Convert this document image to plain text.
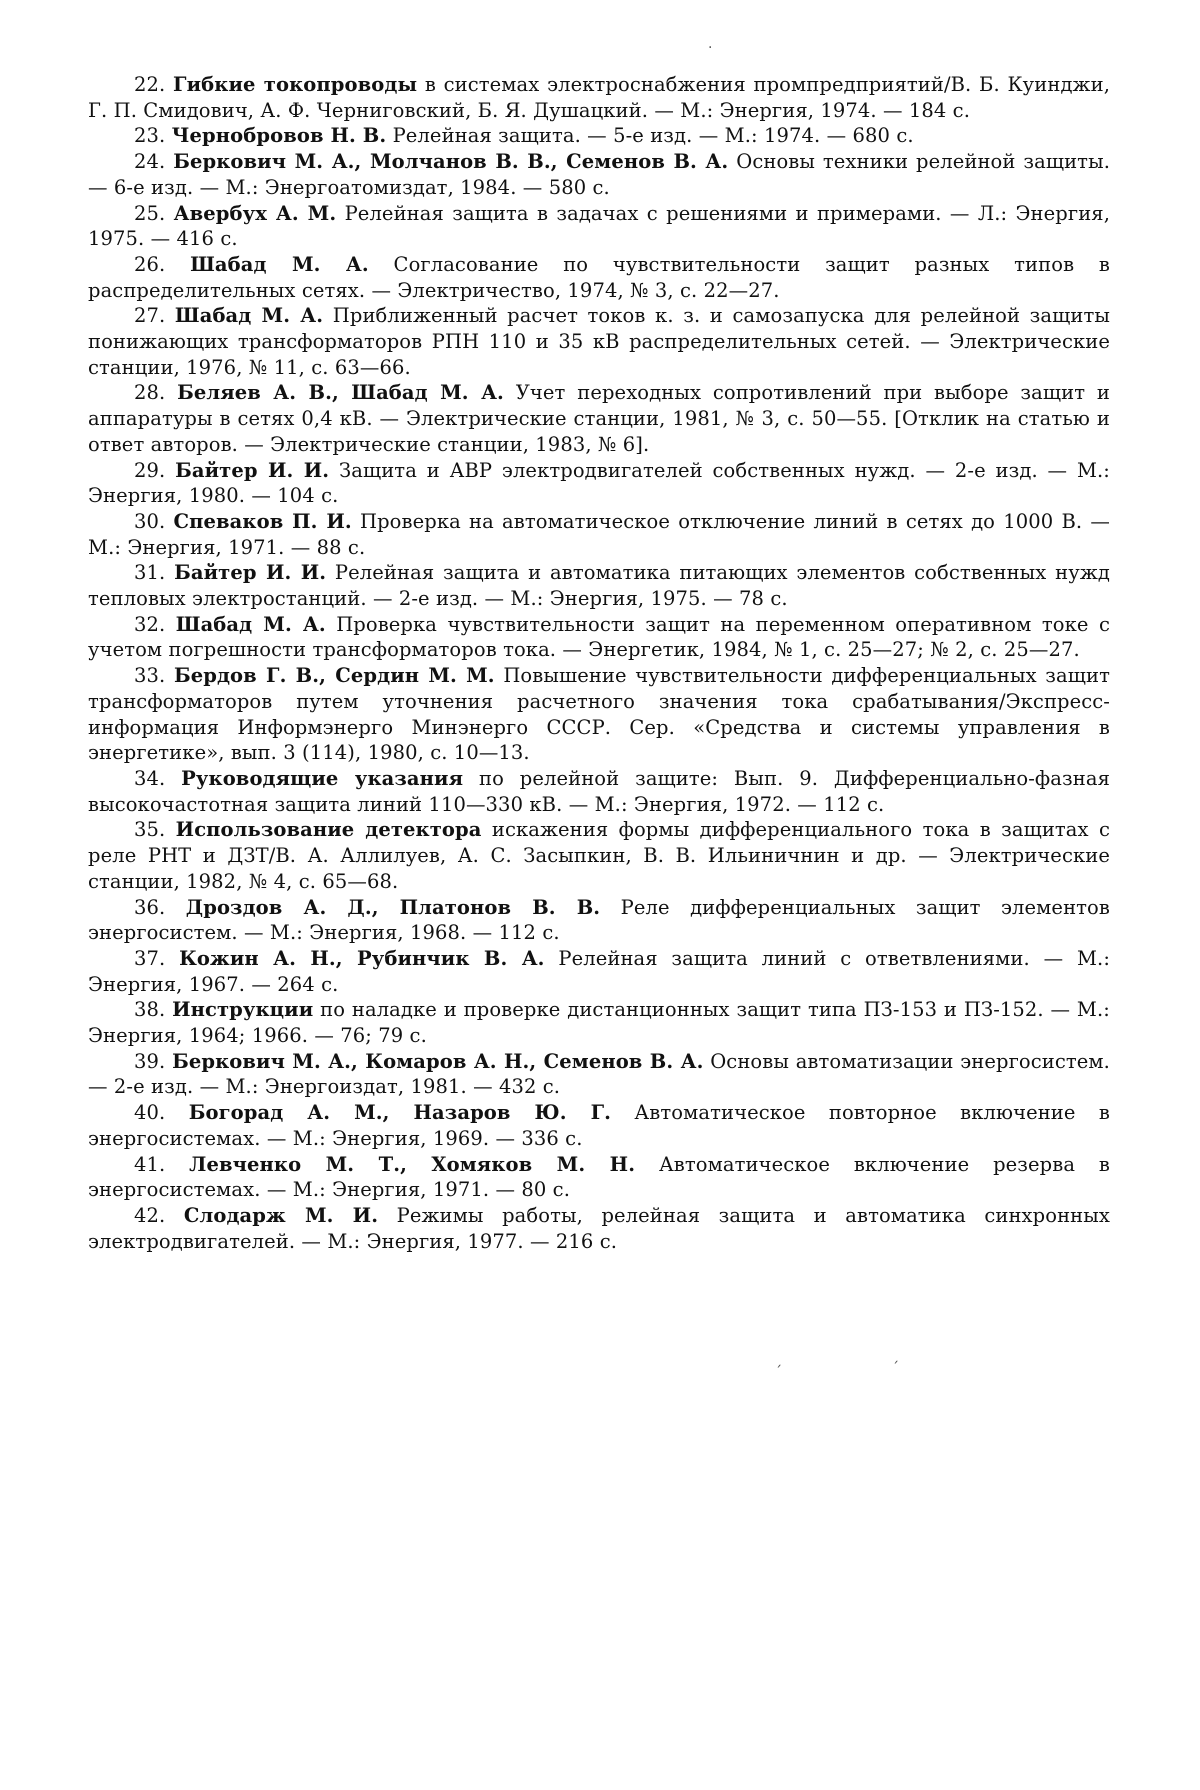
22. Гибкие токопроводы в системах электроснабжения промпредприятий/В. Б. Куинджи, Г. П. Смидович, А. Ф. Черниговский, Б. Я. Душацкий. — М.: Энергия, 1974. — 184 с.

23. Чернобровов Н. В. Релейная защита. — 5-е изд. — М.: 1974. — 680 с.

24. Беркович М. А., Молчанов В. В., Семенов В. А. Основы техники релейной защиты. — 6-е изд. — М.: Энергоатомиздат, 1984. — 580 с.

25. Авербух А. М. Релейная защита в задачах с решениями и примерами. — Л.: Энергия, 1975. — 416 с.

26. Шабад М. А. Согласование по чувствительности защит разных типов в распределительных сетях. — Электричество, 1974, № 3, с. 22—27.

27. Шабад М. А. Приближенный расчет токов к. з. и самозапуска для релейной защиты понижающих трансформаторов РПН 110 и 35 кВ распределительных сетей. — Электрические станции, 1976, № 11, с. 63—66.

28. Беляев А. В., Шабад М. А. Учет переходных сопротивлений при выборе защит и аппаратуры в сетях 0,4 кВ. — Электрические станции, 1981, № 3, с. 50—55. [Отклик на статью и ответ авторов. — Электрические станции, 1983, № 6].

29. Байтер И. И. Защита и АВР электродвигателей собственных нужд. — 2-е изд. — М.: Энергия, 1980. — 104 с.

30. Спеваков П. И. Проверка на автоматическое отключение линий в сетях до 1000 В. — М.: Энергия, 1971. — 88 с.

31. Байтер И. И. Релейная защита и автоматика питающих элементов собственных нужд тепловых электростанций. — 2-е изд. — М.: Энергия, 1975. — 78 с.

32. Шабад М. А. Проверка чувствительности защит на переменном оперативном токе с учетом погрешности трансформаторов тока. — Энергетик, 1984, № 1, с. 25—27; № 2, с. 25—27.

33. Бердов Г. В., Сердин М. М. Повышение чувствительности дифференциальных защит трансформаторов путем уточнения расчетного значения тока срабатывания/Экспресс-информация Информэнерго Минэнерго СССР. Сер. «Средства и системы управления в энергетике», вып. 3 (114), 1980, с. 10—13.

34. Руководящие указания по релейной защите: Вып. 9. Дифференциально-фазная высокочастотная защита линий 110—330 кВ. — М.: Энергия, 1972. — 112 с.

35. Использование детектора искажения формы дифференциального тока в защитах с реле РНТ и ДЗТ/В. А. Аллилуев, А. С. Засыпкин, В. В. Ильиничнин и др. — Электрические станции, 1982, № 4, с. 65—68.

36. Дроздов А. Д., Платонов В. В. Реле дифференциальных защит элементов энергосистем. — М.: Энергия, 1968. — 112 с.

37. Кожин А. Н., Рубинчик В. А. Релейная защита линий с ответвлениями. — М.: Энергия, 1967. — 264 с.

38. Инструкции по наладке и проверке дистанционных защит типа ПЗ-153 и ПЗ-152. — М.: Энергия, 1964; 1966. — 76; 79 с.

39. Беркович М. А., Комаров А. Н., Семенов В. А. Основы автоматизации энергосистем. — 2-е изд. — М.: Энергоиздат, 1981. — 432 с.

40. Богорад А. М., Назаров Ю. Г. Автоматическое повторное включение в энергосистемах. — М.: Энергия, 1969. — 336 с.

41. Левченко М. Т., Хомяков М. Н. Автоматическое включение резерва в энергосистемах. — М.: Энергия, 1971. — 80 с.

42. Слодарж М. И. Режимы работы, релейная защита и автоматика синхронных электродвигателей. — М.: Энергия, 1977. — 216 с.

·
ˏ	ˏ
